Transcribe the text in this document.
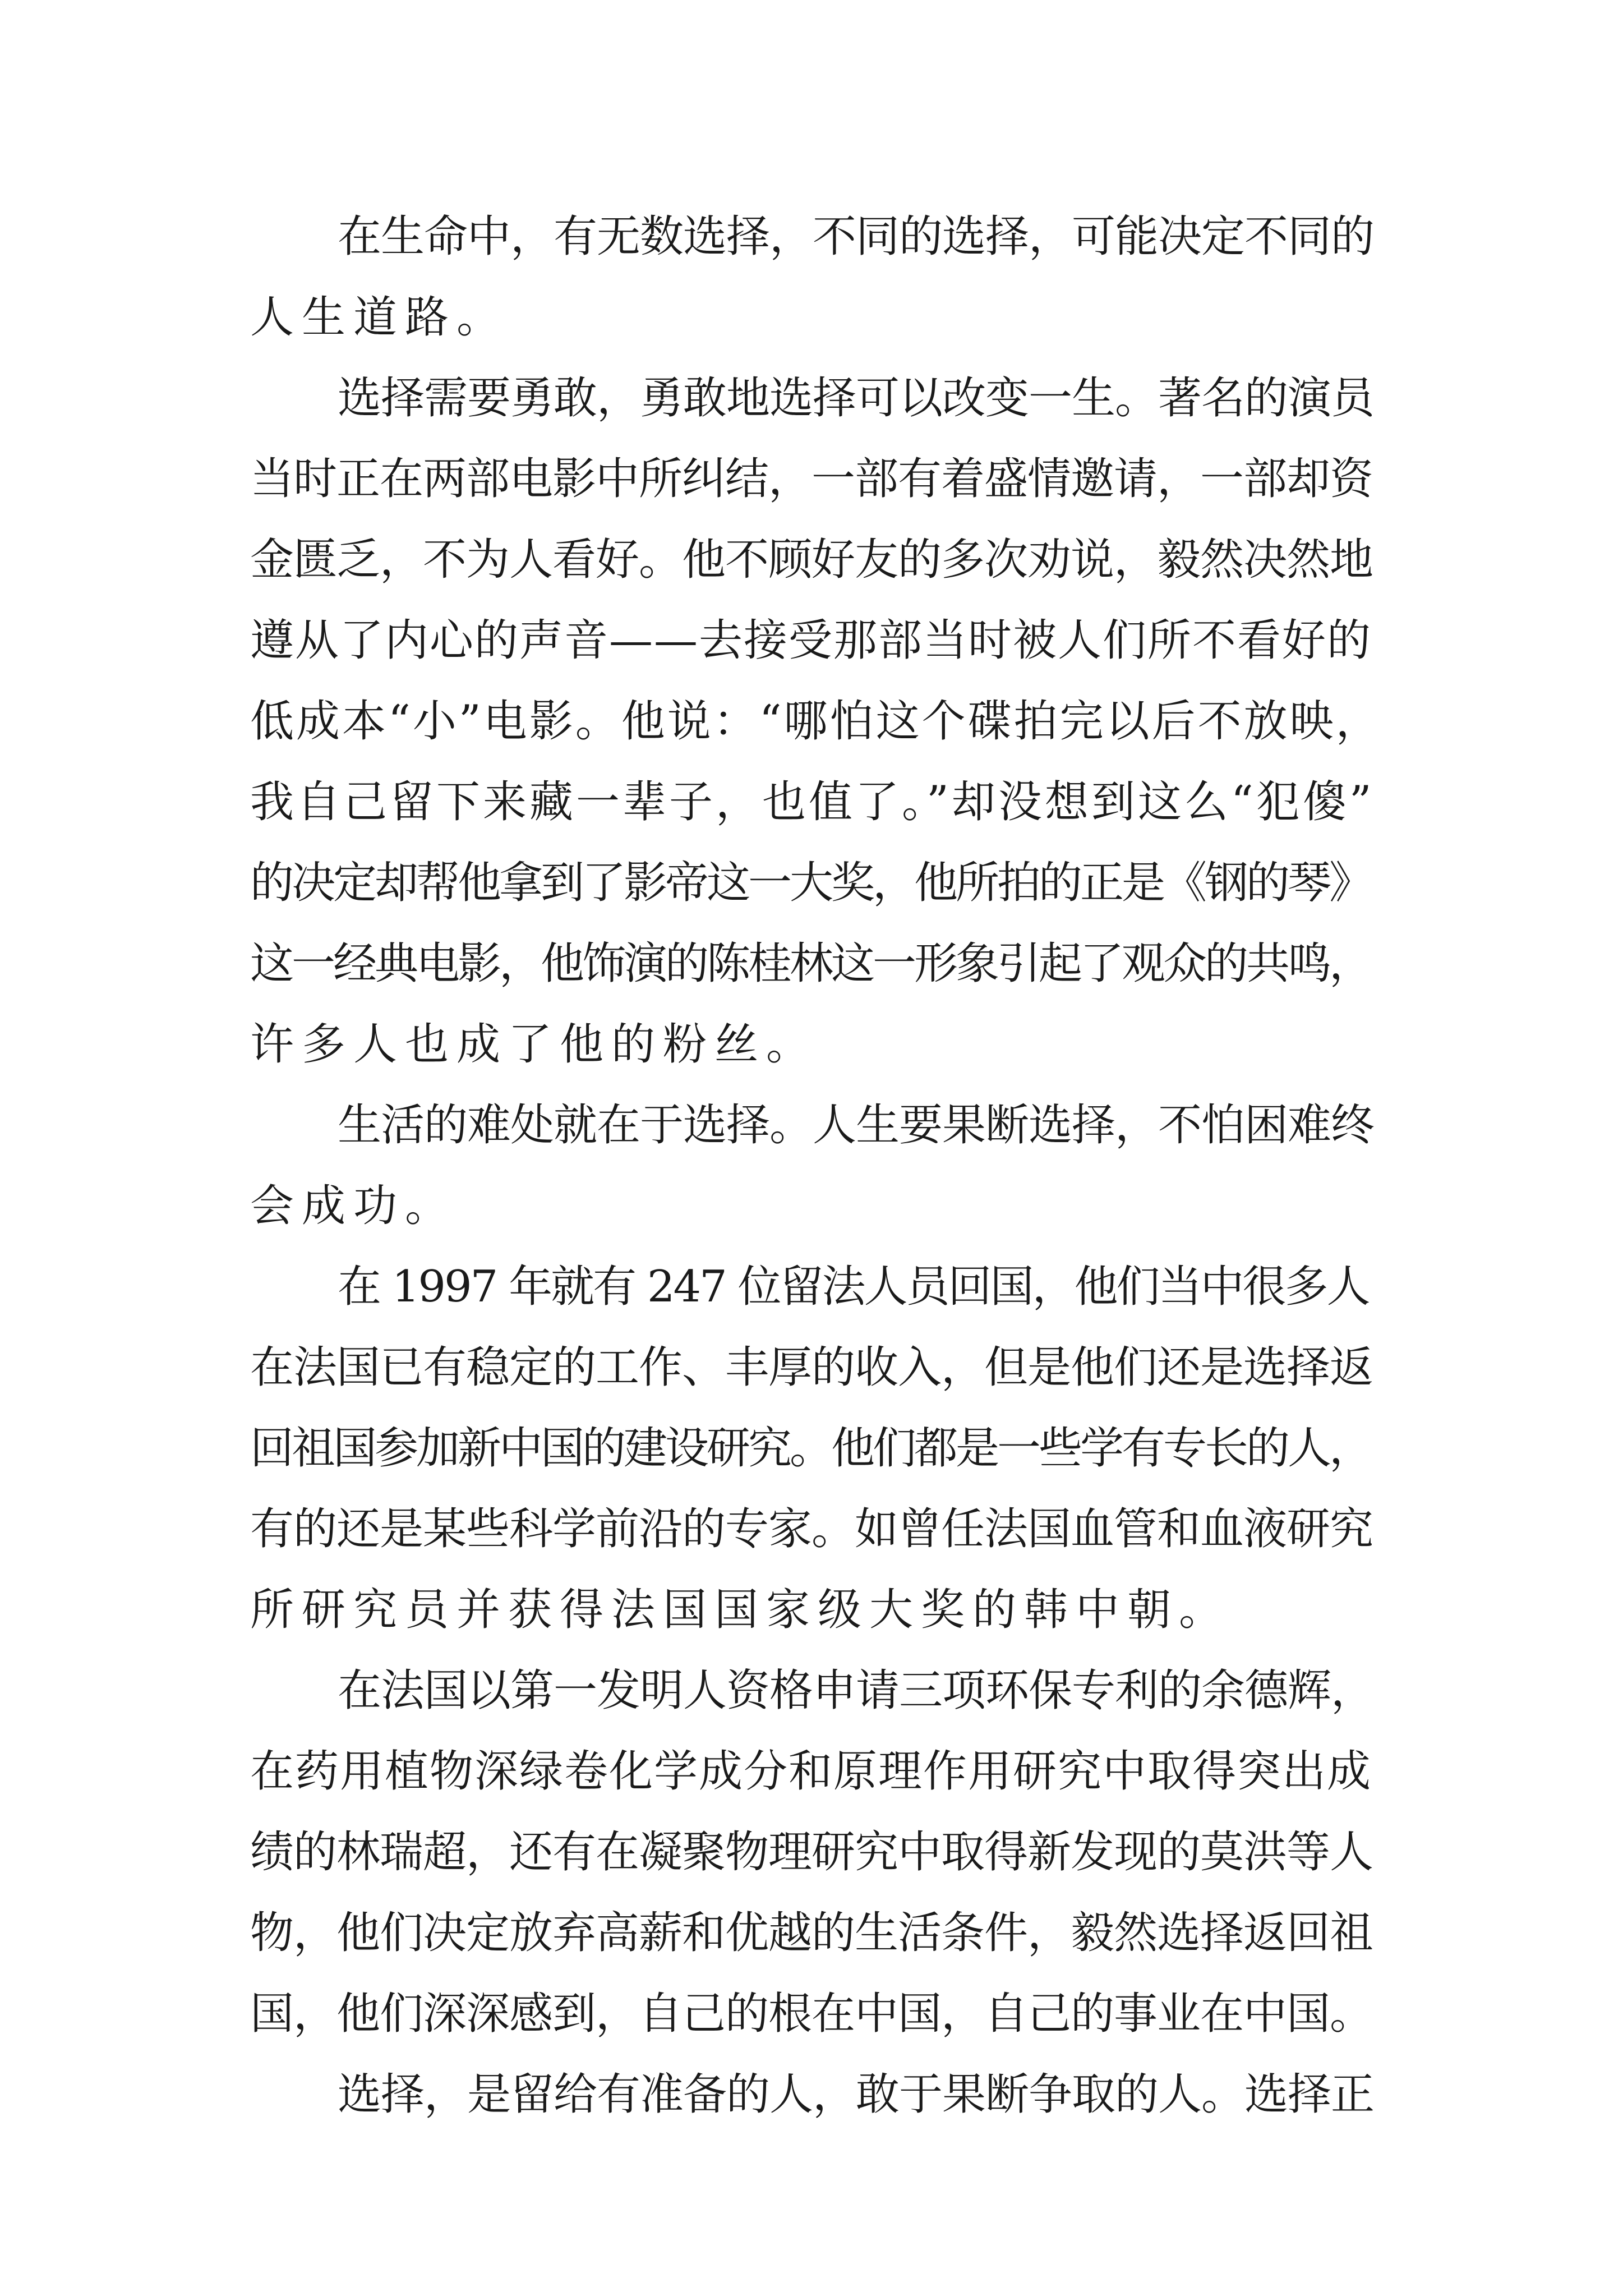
在生命中，有无数选择，不同的选择，可能决定不同的
人生道路。
选择需要勇敢，勇敢地选择可以改变一生。著名的演员
当时正在两部电影中所纠结，一部有着盛情邀请，一部却资
金匮乏，不为人看好。他不顾好友的多次劝说，毅然决然地
遵从了内心的声音——去接受那部当时被人们所不看好的
低成本“小”电影。他说：“哪怕这个碟拍完以后不放映，
我自己留下来藏一辈子，也值了。”却没想到这么“犯傻”
的决定却帮他拿到了影帝这一大奖，他所拍的正是《钢的琴》
这一经典电影，他饰演的陈桂林这一形象引起了观众的共鸣，
许多人也成了他的粉丝。
生活的难处就在于选择。人生要果断选择，不怕困难终
会成功。
在 1997 年就有 247 位留法人员回国，他们当中很多人
在法国已有稳定的工作、丰厚的收入，但是他们还是选择返
回祖国参加新中国的建设研究。他们都是一些学有专长的人，
有的还是某些科学前沿的专家。如曾任法国血管和血液研究
所研究员并获得法国国家级大奖的韩中朝。
在法国以第一发明人资格申请三项环保专利的余德辉，
在药用植物深绿卷化学成分和原理作用研究中取得突出成
绩的林瑞超，还有在凝聚物理研究中取得新发现的莫洪等人
物，他们决定放弃高薪和优越的生活条件，毅然选择返回祖
国，他们深深感到，自己的根在中国，自己的事业在中国。
选择，是留给有准备的人，敢于果断争取的人。选择正
